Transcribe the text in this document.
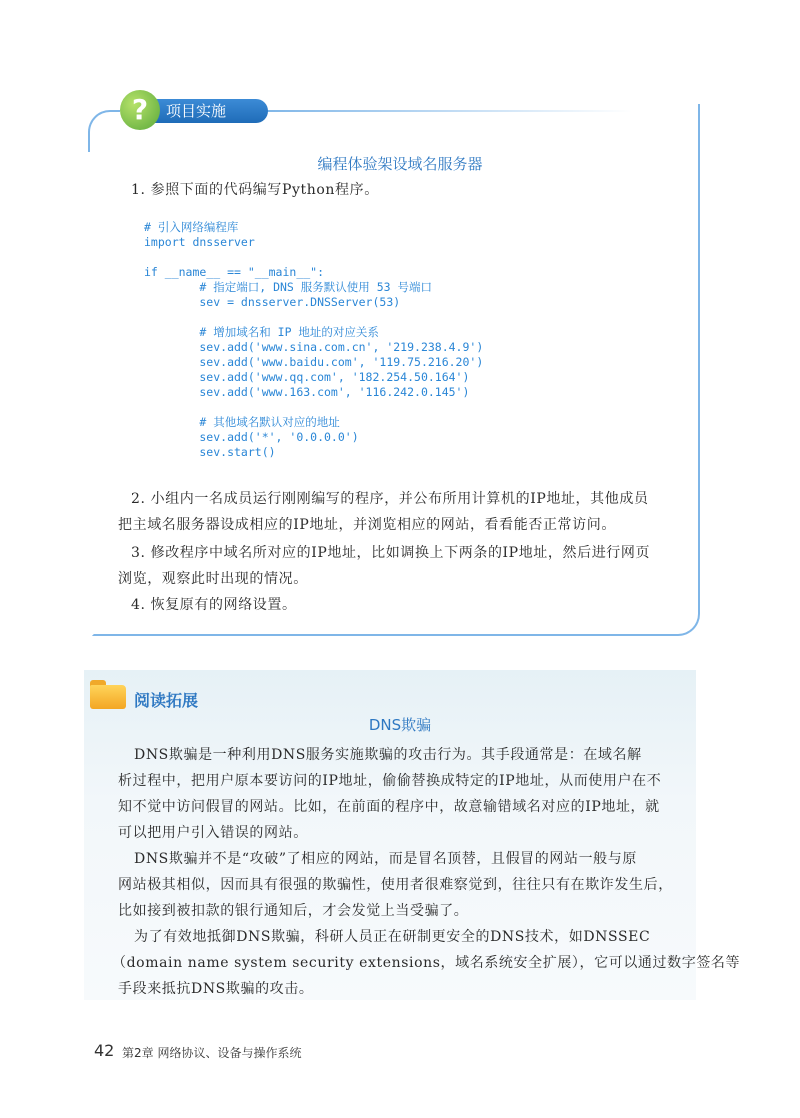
?	项目实施
编程体验架设域名服务器
1. 参照下面的代码编写Python程序。
# 引入网络编程库
import dnsserver

if __name__ == "__main__":
# 指定端口, DNS 服务默认使用 53 号端口
sev = dnsserver.DNSServer(53)

# 增加域名和 IP 地址的对应关系
sev.add('www.sina.com.cn', '219.238.4.9')
sev.add('www.baidu.com', '119.75.216.20')
sev.add('www.qq.com', '182.254.50.164')
sev.add('www.163.com', '116.242.0.145')

# 其他域名默认对应的地址
sev.add('*', '0.0.0.0')
sev.start()
2. 小组内一名成员运行刚刚编写的程序，并公布所用计算机的IP地址，其他成员
把主域名服务器设成相应的IP地址，并浏览相应的网站，看看能否正常访问。
3. 修改程序中域名所对应的IP地址，比如调换上下两条的IP地址，然后进行网页
浏览，观察此时出现的情况。
4. 恢复原有的网络设置。
阅读拓展
DNS欺骗
DNS欺骗是一种利用DNS服务实施欺骗的攻击行为。其手段通常是：在域名解
析过程中，把用户原本要访问的IP地址，偷偷替换成特定的IP地址，从而使用户在不
知不觉中访问假冒的网站。比如，在前面的程序中，故意输错域名对应的IP地址，就
可以把用户引入错误的网站。
DNS欺骗并不是“攻破”了相应的网站，而是冒名顶替，且假冒的网站一般与原
网站极其相似，因而具有很强的欺骗性，使用者很难察觉到，往往只有在欺诈发生后，
比如接到被扣款的银行通知后，才会发觉上当受骗了。
为了有效地抵御DNS欺骗，科研人员正在研制更安全的DNS技术，如DNSSEC
（domain name system security extensions，域名系统安全扩展），它可以通过数字签名等
手段来抵抗DNS欺骗的攻击。
42 第2章 网络协议、设备与操作系统
